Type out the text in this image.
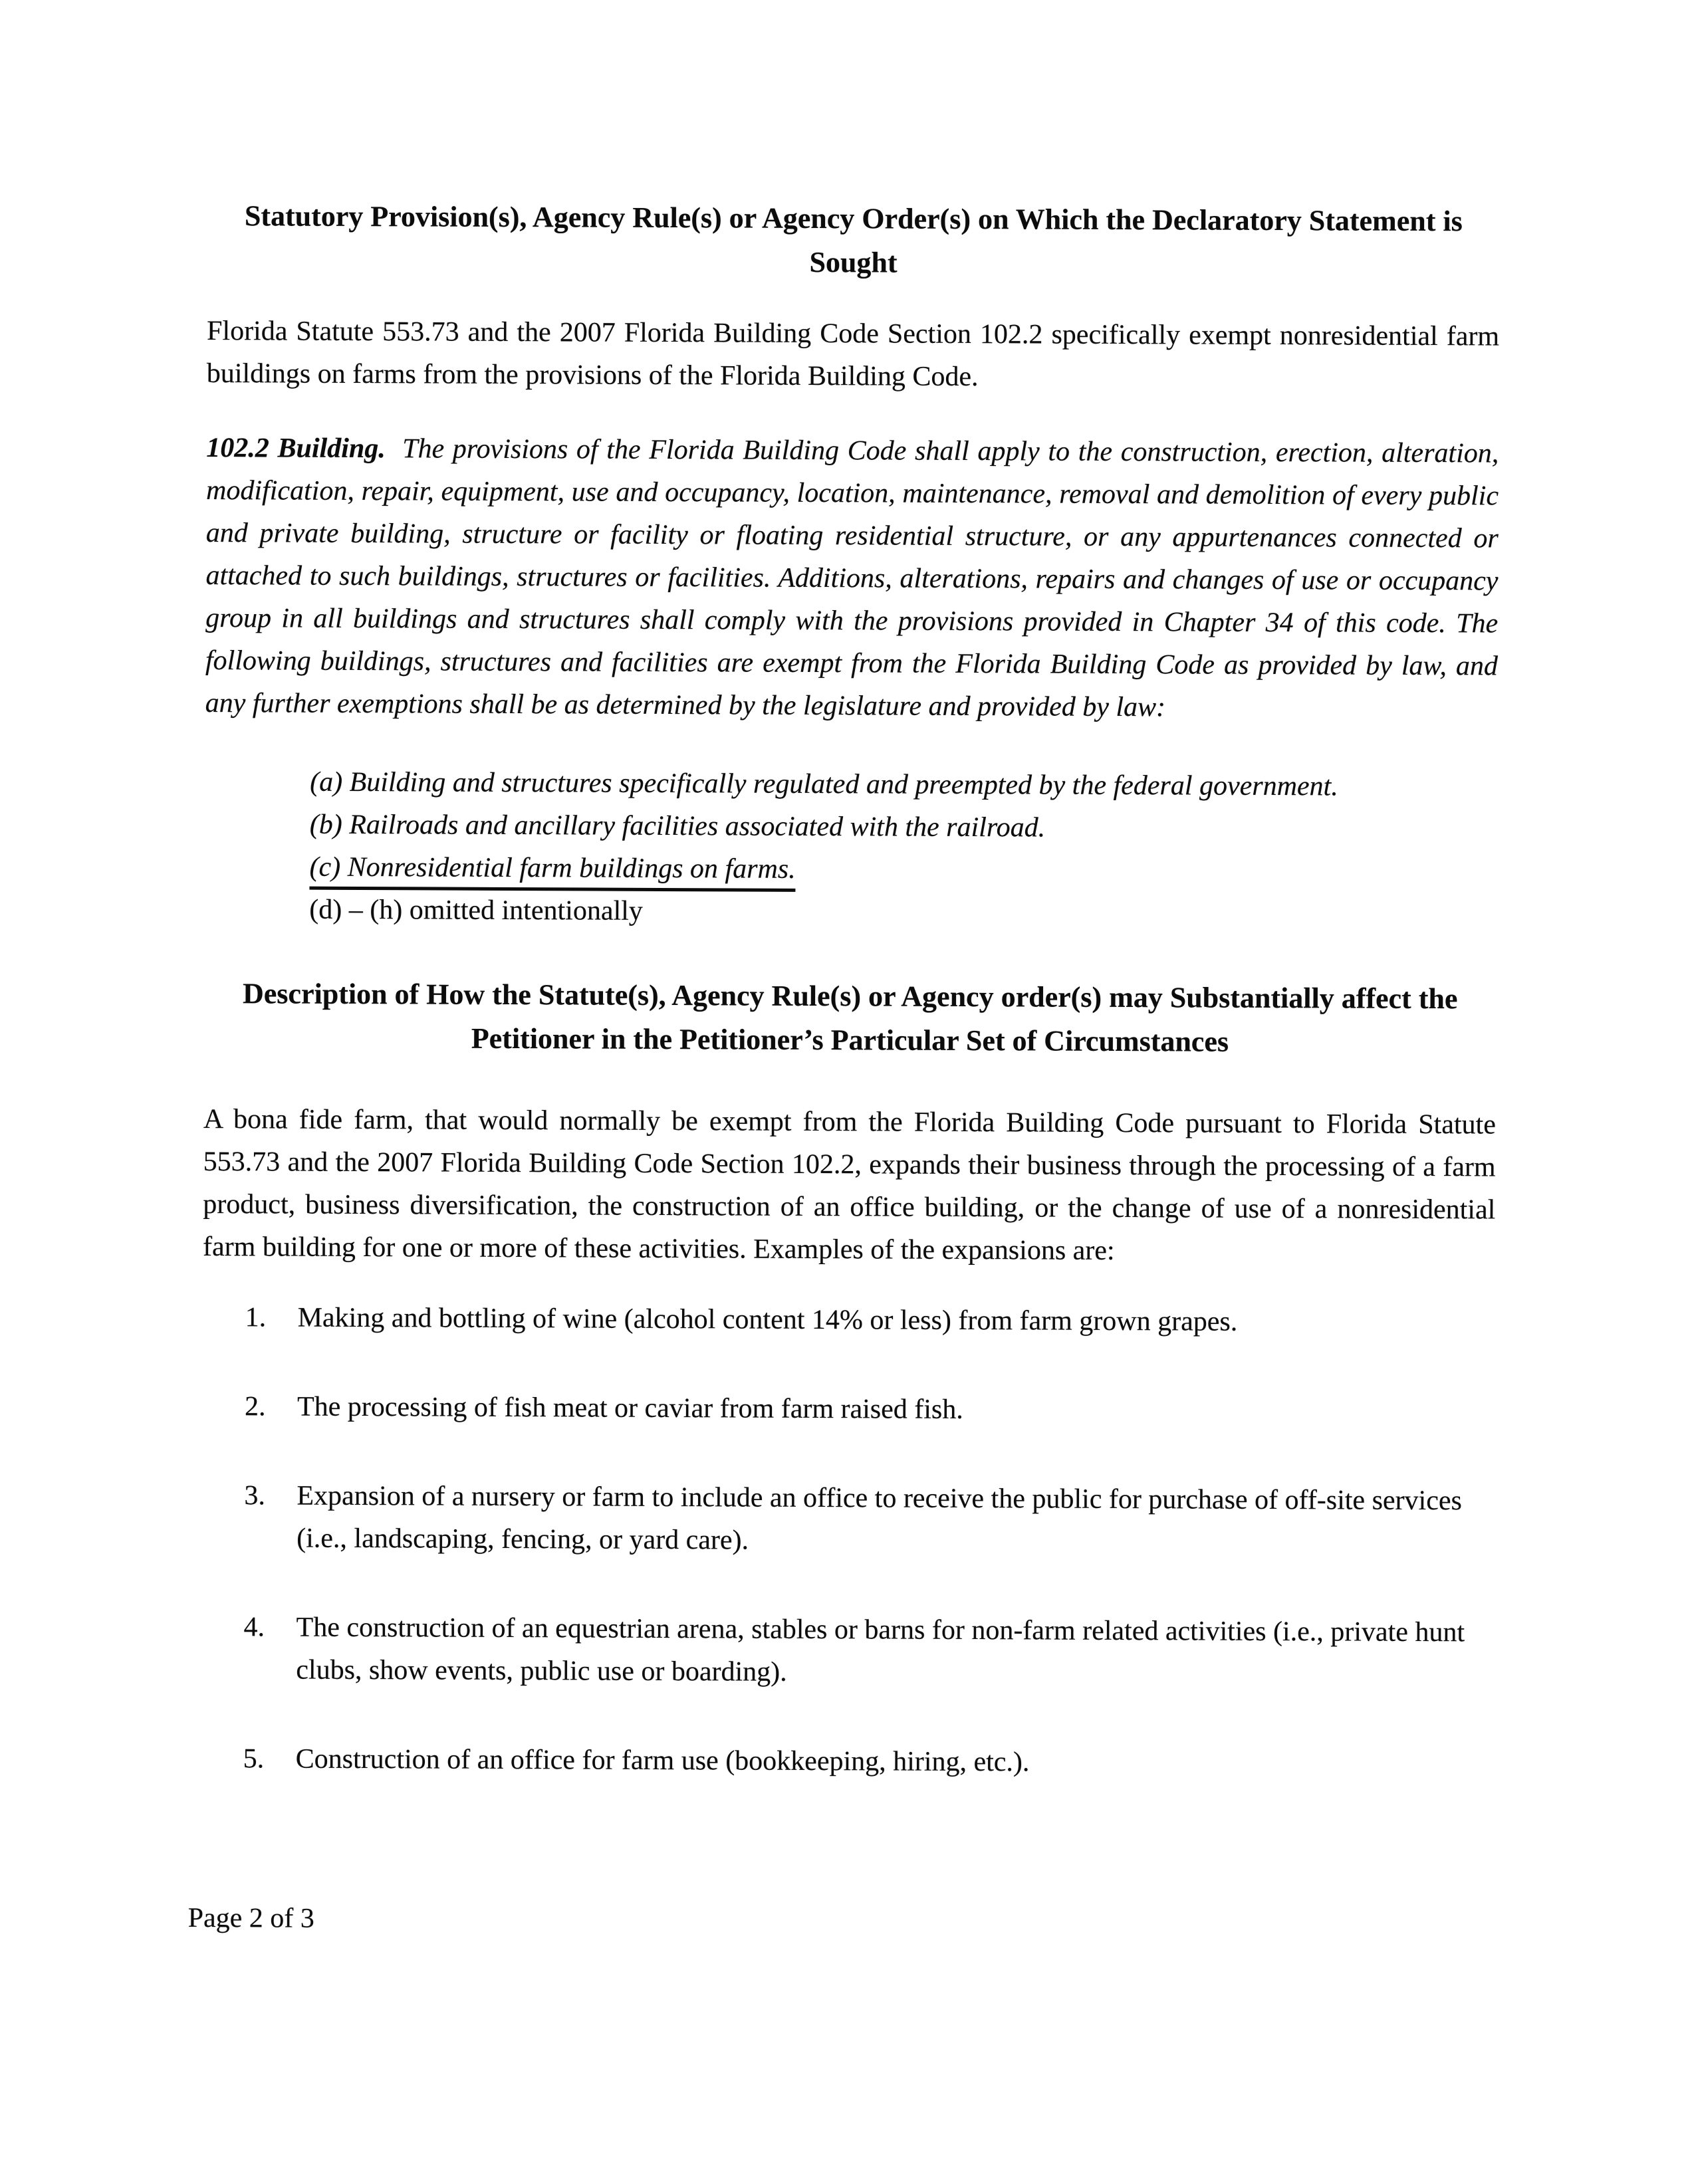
Statutory Provision(s), Agency Rule(s) or Agency Order(s) on Which the Declaratory Statement is Sought

Florida Statute 553.73 and the 2007 Florida Building Code Section 102.2 specifically exempt nonresidential farm buildings on farms from the provisions of the Florida Building Code.

102.2 Building. The provisions of the Florida Building Code shall apply to the construction, erection, alteration, modification, repair, equipment, use and occupancy, location, maintenance, removal and demolition of every public and private building, structure or facility or floating residential structure, or any appurtenances connected or attached to such buildings, structures or facilities. Additions, alterations, repairs and changes of use or occupancy group in all buildings and structures shall comply with the provisions provided in Chapter 34 of this code. The following buildings, structures and facilities are exempt from the Florida Building Code as provided by law, and any further exemptions shall be as determined by the legislature and provided by law:

(a) Building and structures specifically regulated and preempted by the federal government.
(b) Railroads and ancillary facilities associated with the railroad.
(c) Nonresidential farm buildings on farms.
(d) – (h) omitted intentionally
Description of How the Statute(s), Agency Rule(s) or Agency order(s) may Substantially affect the Petitioner in the Petitioner’s Particular Set of Circumstances

A bona fide farm, that would normally be exempt from the Florida Building Code pursuant to Florida Statute 553.73 and the 2007 Florida Building Code Section 102.2, expands their business through the processing of a farm product, business diversification, the construction of an office building, or the change of use of a nonresidential farm building for one or more of these activities. Examples of the expansions are:

1. Making and bottling of wine (alcohol content 14% or less) from farm grown grapes.
2. The processing of fish meat or caviar from farm raised fish.
3. Expansion of a nursery or farm to include an office to receive the public for purchase of off-site services (i.e., landscaping, fencing, or yard care).
4. The construction of an equestrian arena, stables or barns for non-farm related activities (i.e., private hunt clubs, show events, public use or boarding).
5. Construction of an office for farm use (bookkeeping, hiring, etc.).
Page 2 of 3
